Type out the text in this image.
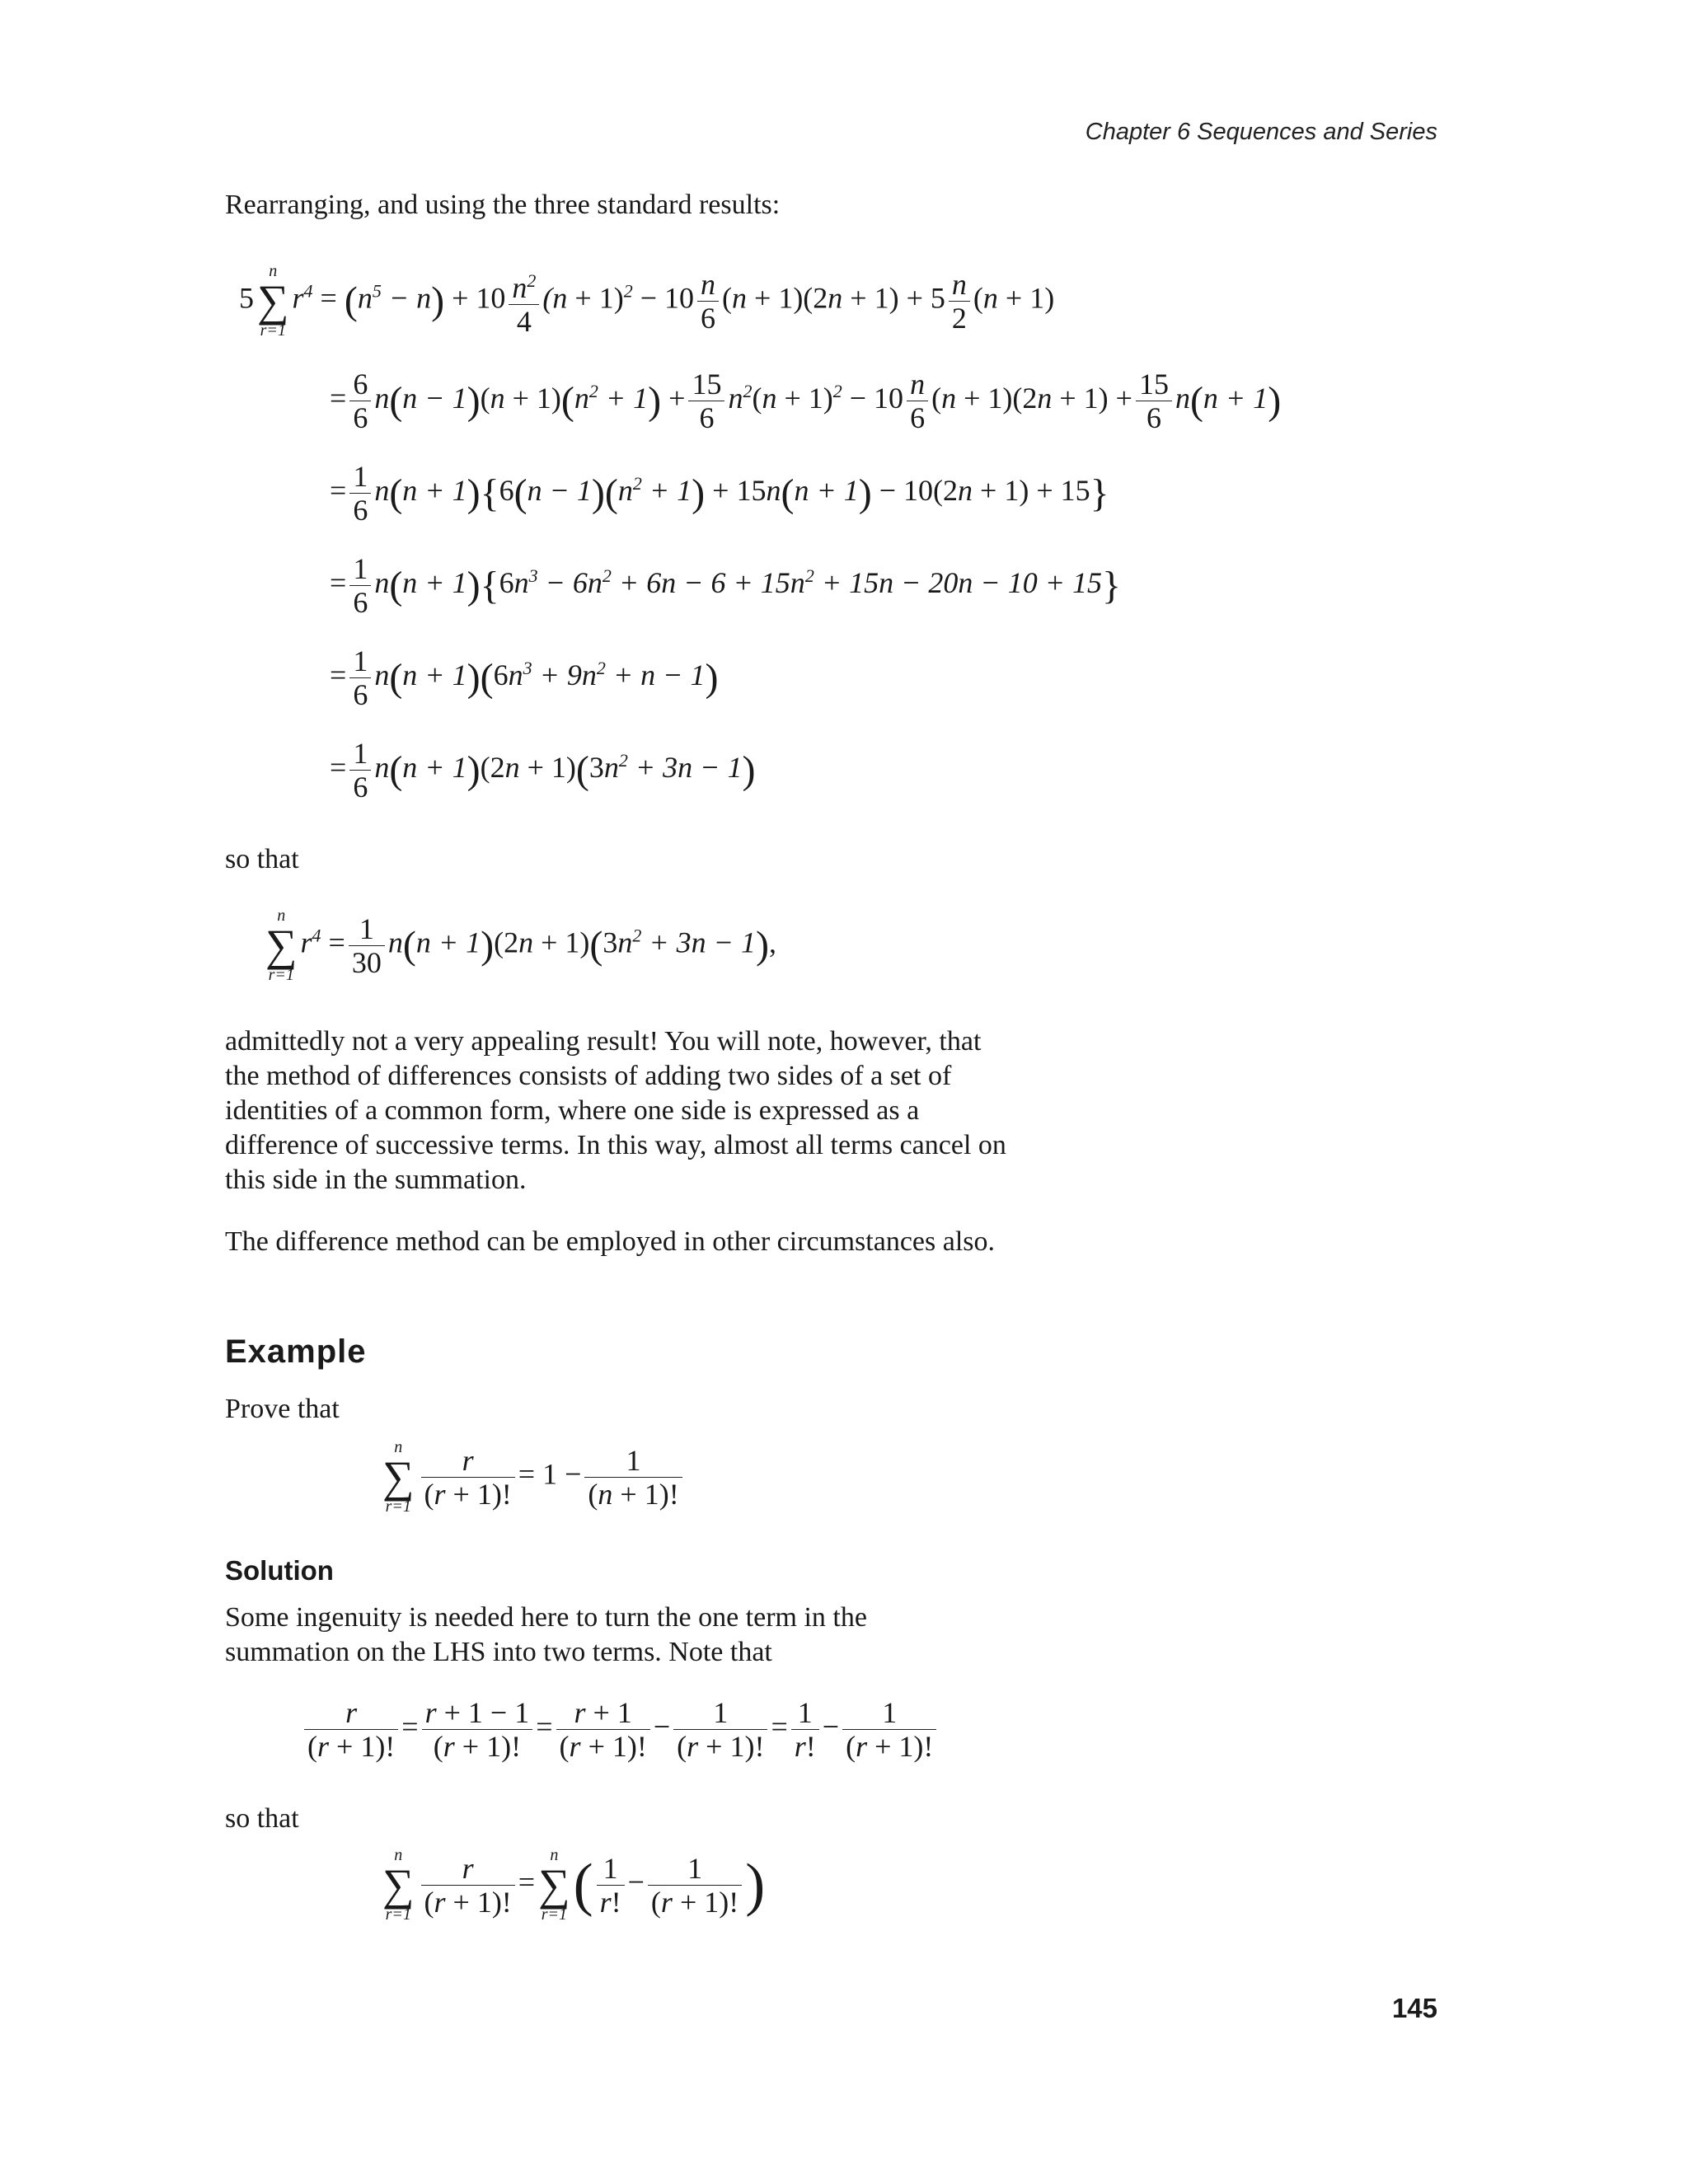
Chapter 6 Sequences and Series
Rearranging, and using the three standard results:
5
n
∑
r=1
$r^4 = (n^5 - n) + 10 \frac{n^2}{4} (n + 1)^2 - 10 \frac{n}{6} (n + 1)(2n + 1) + 5 \frac{n}{2} (n + 1)$
= $\frac{6}{6} n(n - 1)(n + 1)(n^2 + 1) + \frac{15}{6} n^2(n + 1)^2 - 10 \frac{n}{6} (n + 1)(2n + 1) + \frac{15}{6} n(n + 1)$
= $\frac{1}{6} n(n + 1)\{6(n - 1)(n^2 + 1) + 15n(n + 1) - 10(2n + 1) + 15\}$
= $\frac{1}{6} n(n + 1)\{6n^3 - 6n^2 + 6n - 6 + 15n^2 + 15n - 20n - 10 + 15\}$
= $\frac{1}{6} n(n + 1)(6n^3 + 9n^2 + n - 1)$
= $\frac{1}{6} n(n + 1)(2n + 1)(3n^2 + 3n - 1)$
so that
n
∑
r=1
$r^4 = \frac{1}{30} n(n + 1)(2n + 1)(3n^2 + 3n - 1)$,
admittedly not a very appealing result! You will note, however, that the method of differences consists of adding two sides of a set of identities of a common form, where one side is expressed as a difference of successive terms. In this way, almost all terms cancel on this side in the summation.
The difference method can be employed in other circumstances also.
Example
Prove that
n
∑
$r=1 \frac{r}{(r + 1)!} = 1 - \frac{1}{(n + 1)!}$
Solution
Some ingenuity is needed here to turn the one term in the summation on the LHS into two terms. Note that
$\frac{r}{(r + 1)!} = \frac{r + 1 - 1}{(r + 1)!} = \frac{r + 1}{(r + 1)!} - \frac{1}{(r + 1)!} = \frac{1}{r!} - \frac{1}{(r + 1)!}$
so that
n
∑
$r=1 \frac{r}{(r + 1)!}$ =
n
∑
r=1 ( $\frac{1}{r!} - \frac{1}{(r + 1)!}$ )
145
